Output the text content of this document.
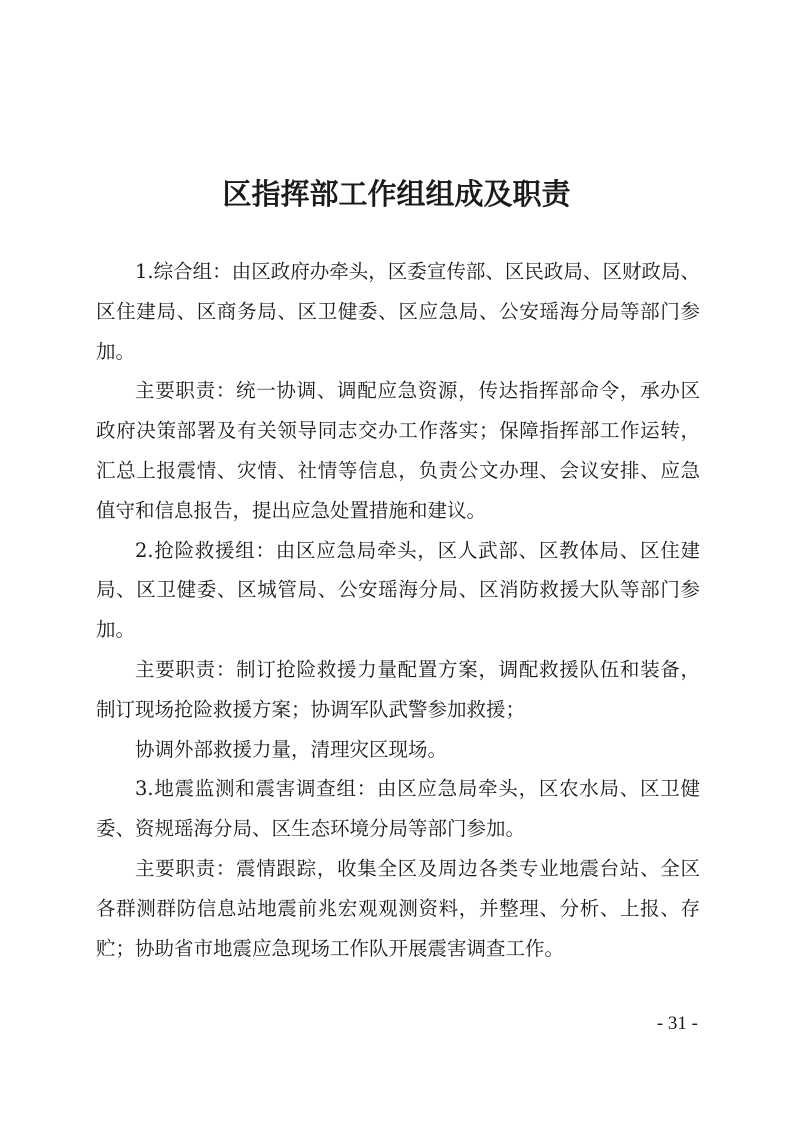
区指挥部工作组组成及职责

1.综合组：由区政府办牵头，区委宣传部、区民政局、区财政局、区住建局、区商务局、区卫健委、区应急局、公安瑶海分局等部门参加。

主要职责：统一协调、调配应急资源，传达指挥部命令，承办区政府决策部署及有关领导同志交办工作落实；保障指挥部工作运转，汇总上报震情、灾情、社情等信息，负责公文办理、会议安排、应急值守和信息报告，提出应急处置措施和建议。

2.抢险救援组：由区应急局牵头，区人武部、区教体局、区住建局、区卫健委、区城管局、公安瑶海分局、区消防救援大队等部门参加。

主要职责：制订抢险救援力量配置方案，调配救援队伍和装备，制订现场抢险救援方案；协调军队武警参加救援；

协调外部救援力量，清理灾区现场。

3.地震监测和震害调查组：由区应急局牵头，区农水局、区卫健委、资规瑶海分局、区生态环境分局等部门参加。

主要职责：震情跟踪，收集全区及周边各类专业地震台站、全区各群测群防信息站地震前兆宏观观测资料，并整理、分析、上报、存贮；协助省市地震应急现场工作队开展震害调查工作。

- 31 -
